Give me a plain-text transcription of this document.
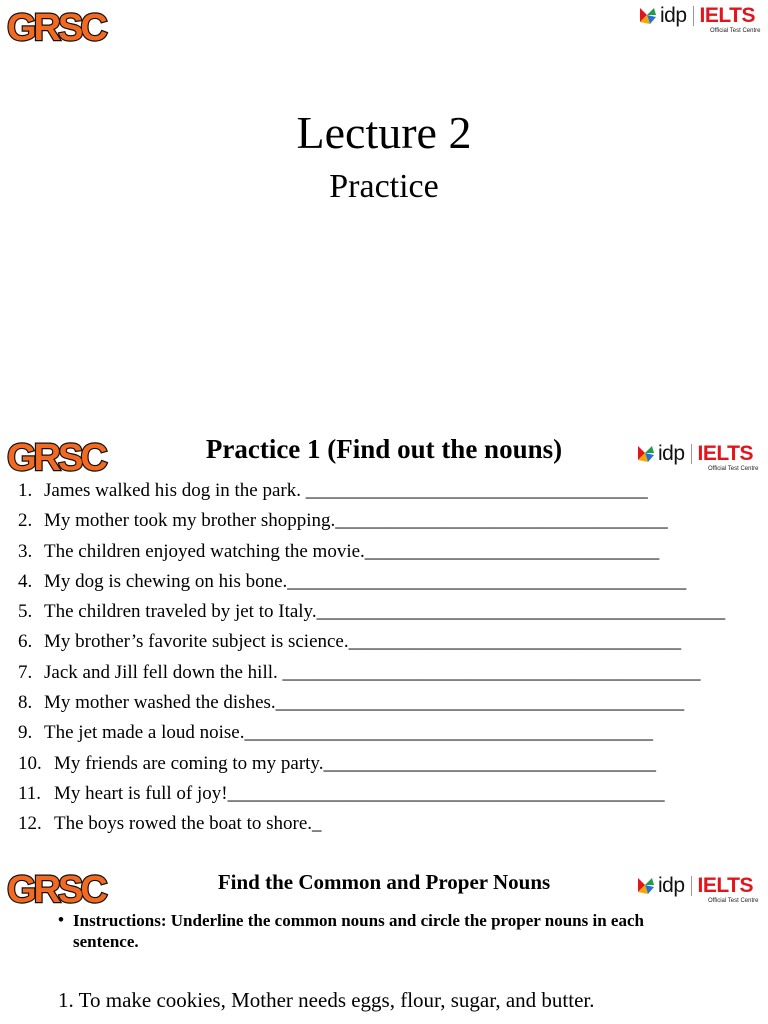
GRSC	idp IELTS
Official Test Centre
Lecture 2
Practice
GRSC	idp IELTS
Official Test Centre
Practice 1 (Find out the nouns)
1. James walked his dog in the park. ____________________________________
2. My mother took my brother shopping.___________________________________
3. The children enjoyed watching the movie._______________________________
4. My dog is chewing on his bone.__________________________________________
5. The children traveled by jet to Italy.___________________________________________
6. My brother’s favorite subject is science.___________________________________
7. Jack and Jill fell down the hill. ____________________________________________
8. My mother washed the dishes.___________________________________________
9. The jet made a loud noise.___________________________________________
10. My friends are coming to my party.___________________________________
11. My heart is full of joy!______________________________________________
12. The boys rowed the boat to shore._
GRSC	idp IELTS
Official Test Centre
Find the Common and Proper Nouns
• Instructions: Underline the common nouns and circle the proper nouns in each sentence.
1. To make cookies, Mother needs eggs, flour, sugar, and butter.
